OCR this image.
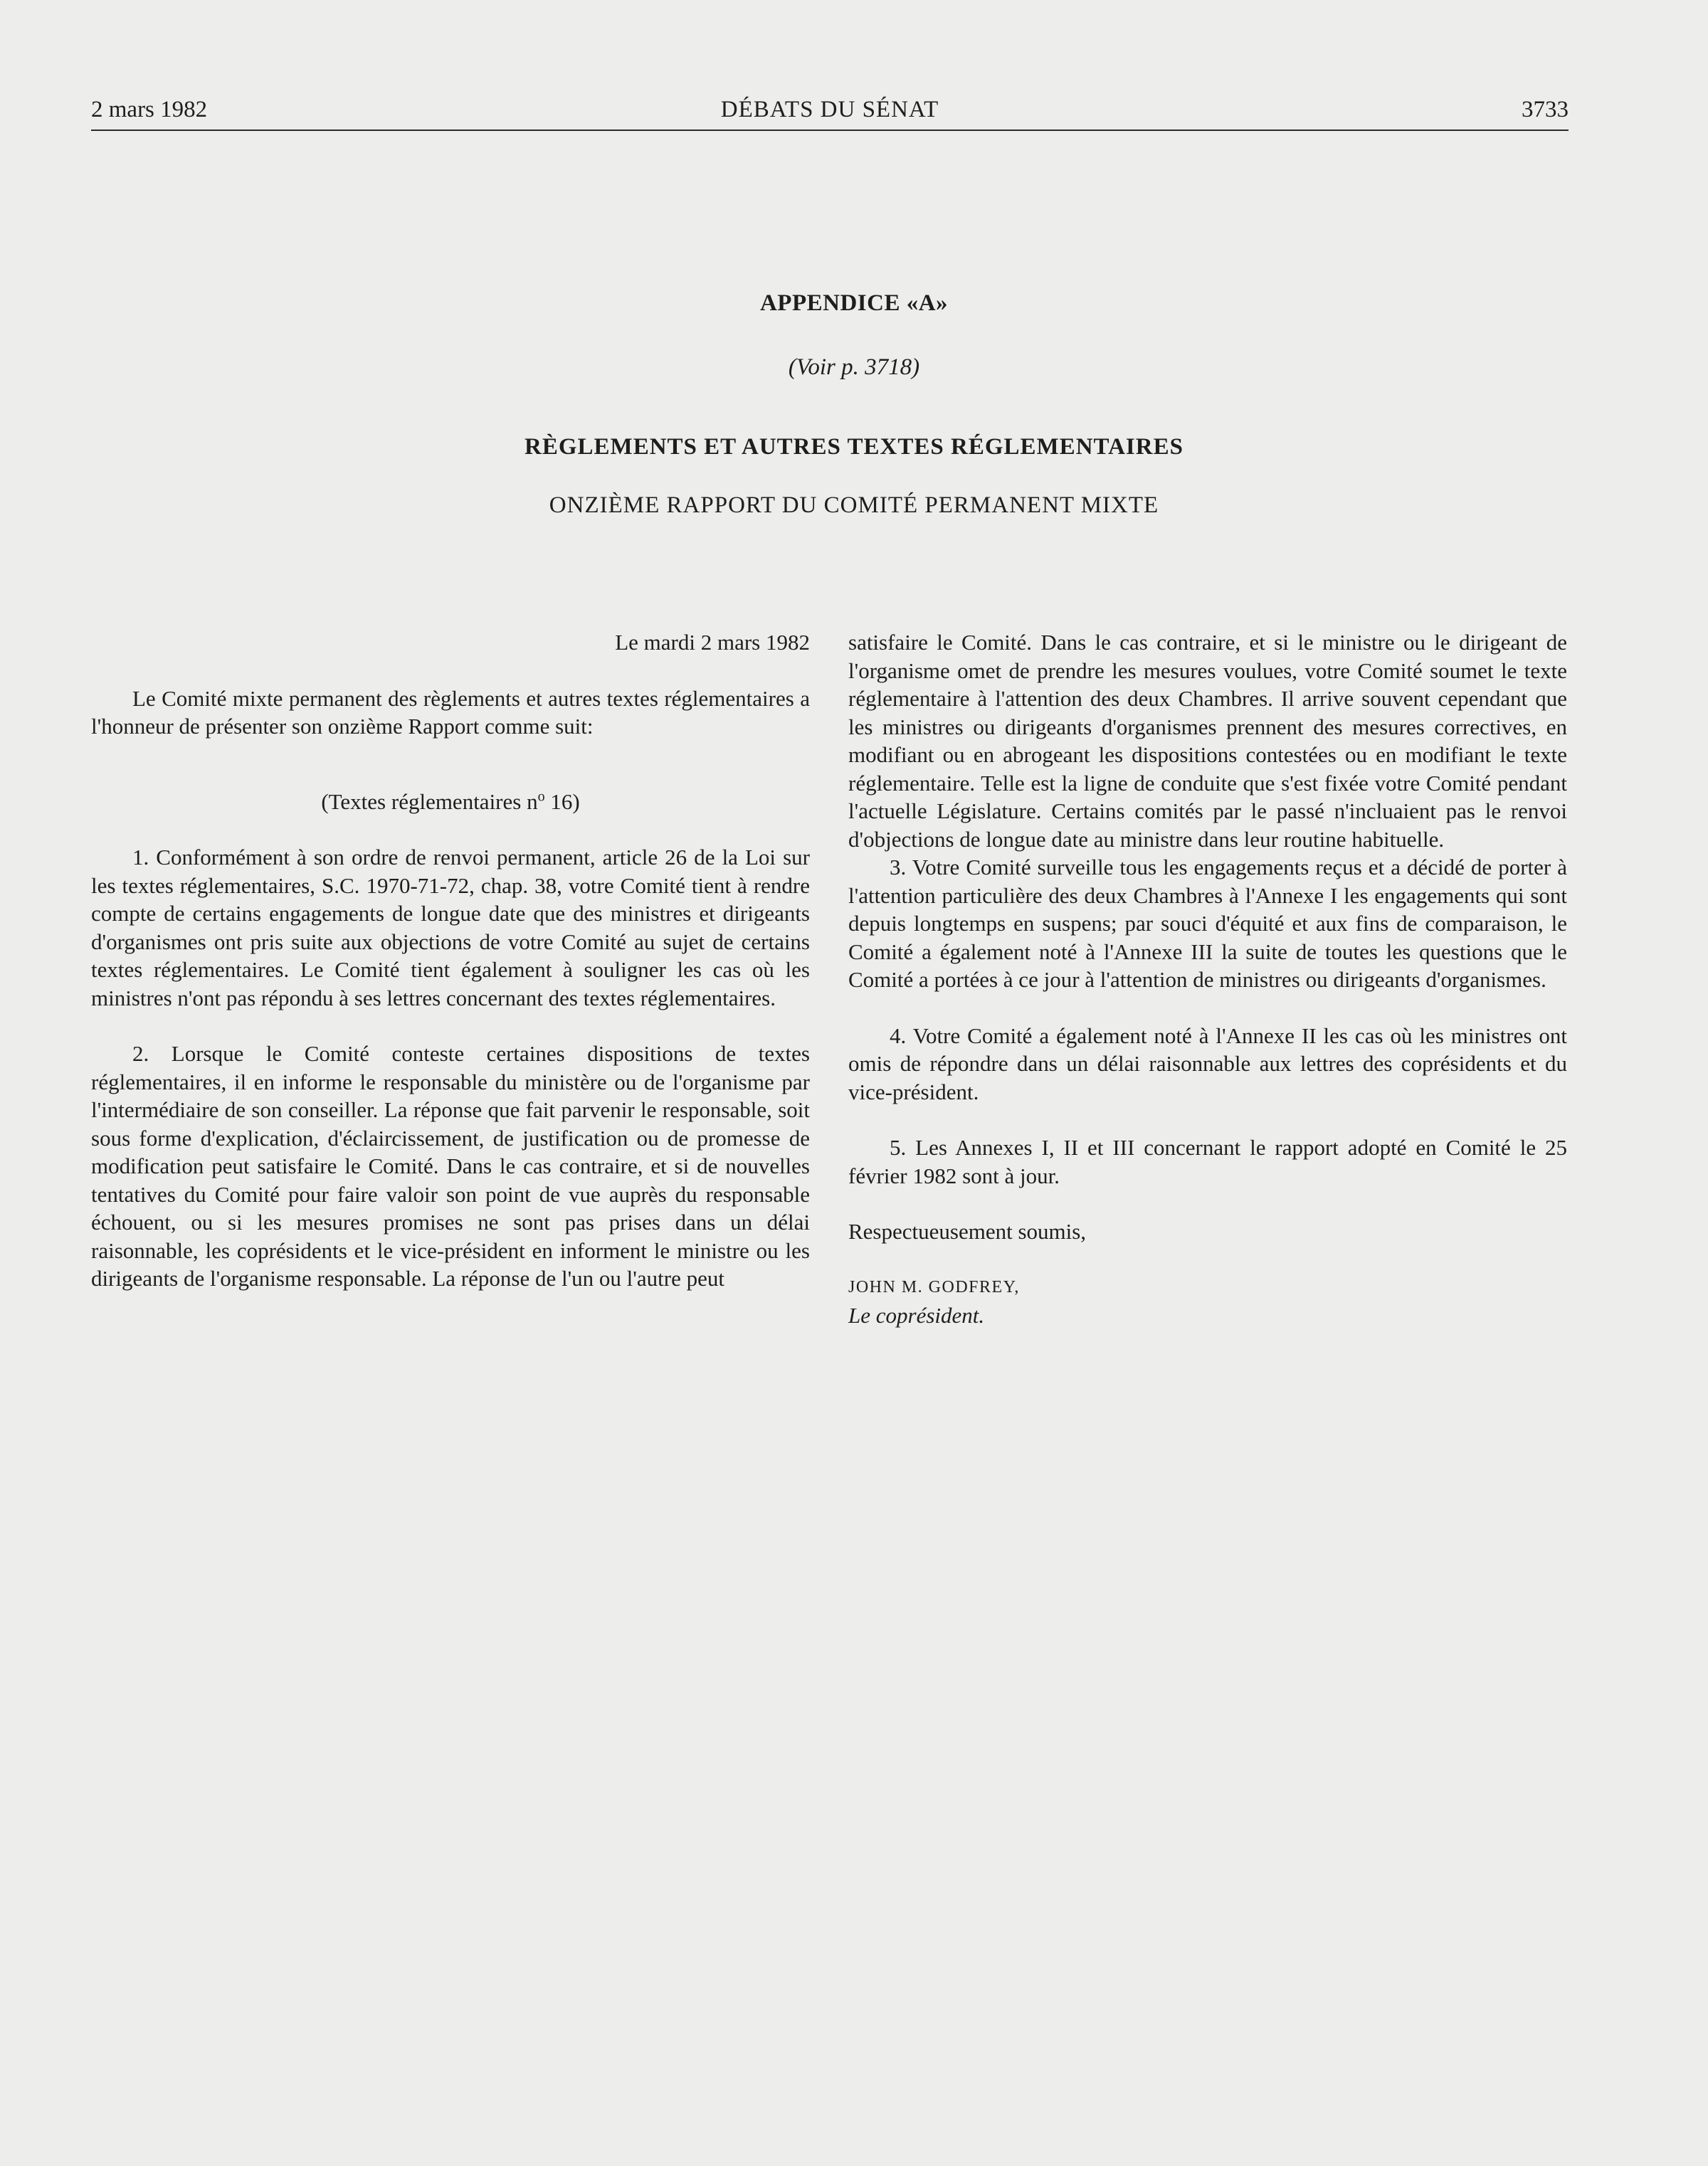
2 mars 1982	DÉBATS DU SÉNAT	3733
APPENDICE «A»
(Voir p. 3718)
RÈGLEMENTS ET AUTRES TEXTES RÉGLEMENTAIRES
ONZIÈME RAPPORT DU COMITÉ PERMANENT MIXTE

Le mardi 2 mars 1982

Le Comité mixte permanent des règlements et autres textes réglementaires a l'honneur de présenter son onzième Rapport comme suit:

(Textes réglementaires $n^o$ 16)

1. Conformément à son ordre de renvoi permanent, article 26 de la Loi sur les textes réglementaires, S.C. 1970-71-72, chap. 38, votre Comité tient à rendre compte de certains engagements de longue date que des ministres et dirigeants d'organismes ont pris suite aux objections de votre Comité au sujet de certains textes réglementaires. Le Comité tient également à souligner les cas où les ministres n'ont pas répondu à ses lettres concernant des textes réglementaires.

2. Lorsque le Comité conteste certaines dispositions de textes réglementaires, il en informe le responsable du ministère ou de l'organisme par l'intermédiaire de son conseiller. La réponse que fait parvenir le responsable, soit sous forme d'explication, d'éclaircissement, de justification ou de promesse de modification peut satisfaire le Comité. Dans le cas contraire, et si de nouvelles tentatives du Comité pour faire valoir son point de vue auprès du responsable échouent, ou si les mesures promises ne sont pas prises dans un délai raisonnable, les coprésidents et le vice-président en informent le ministre ou les dirigeants de l'organisme responsable. La réponse de l'un ou l'autre peut

satisfaire le Comité. Dans le cas contraire, et si le ministre ou le dirigeant de l'organisme omet de prendre les mesures voulues, votre Comité soumet le texte réglementaire à l'attention des deux Chambres. Il arrive souvent cependant que les ministres ou dirigeants d'organismes prennent des mesures correctives, en modifiant ou en abrogeant les dispositions contestées ou en modifiant le texte réglementaire. Telle est la ligne de conduite que s'est fixée votre Comité pendant l'actuelle Législature. Certains comités par le passé n'incluaient pas le renvoi d'objections de longue date au ministre dans leur routine habituelle.

3. Votre Comité surveille tous les engagements reçus et a décidé de porter à l'attention particulière des deux Chambres à l'Annexe I les engagements qui sont depuis longtemps en suspens; par souci d'équité et aux fins de comparaison, le Comité a également noté à l'Annexe III la suite de toutes les questions que le Comité a portées à ce jour à l'attention de ministres ou dirigeants d'organismes.

4. Votre Comité a également noté à l'Annexe II les cas où les ministres ont omis de répondre dans un délai raisonnable aux lettres des coprésidents et du vice-président.

5. Les Annexes I, II et III concernant le rapport adopté en Comité le 25 février 1982 sont à jour.

Respectueusement soumis,

JOHN M. GODFREY,

Le coprésident.
